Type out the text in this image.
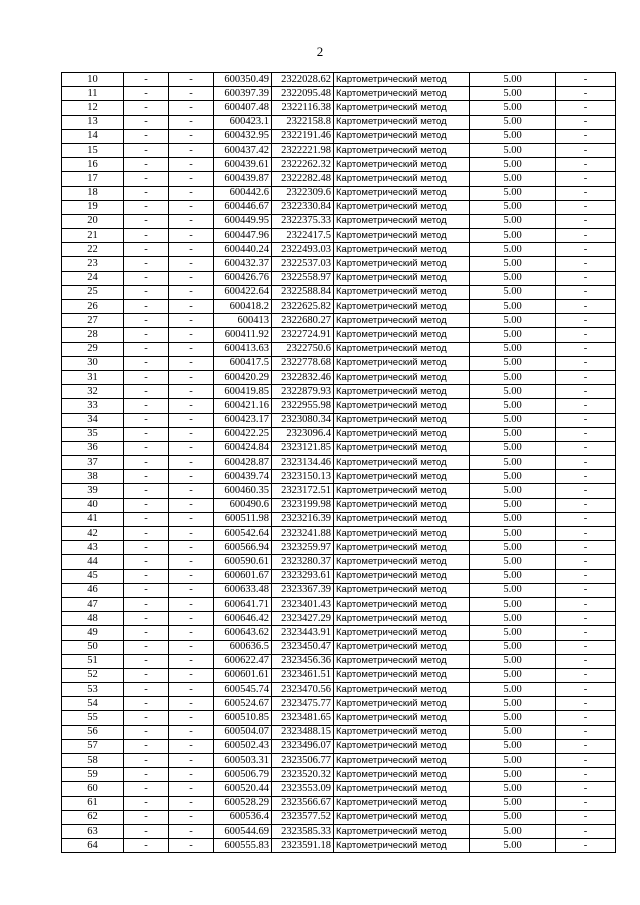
2
10	-	-	600350.49	2322028.62	Картометрический метод	5.00	-
11	-	-	600397.39	2322095.48	Картометрический метод	5.00	-
12	-	-	600407.48	2322116.38	Картометрический метод	5.00	-
13	-	-	600423.1	2322158.8	Картометрический метод	5.00	-
14	-	-	600432.95	2322191.46	Картометрический метод	5.00	-
15	-	-	600437.42	2322221.98	Картометрический метод	5.00	-
16	-	-	600439.61	2322262.32	Картометрический метод	5.00	-
17	-	-	600439.87	2322282.48	Картометрический метод	5.00	-
18	-	-	600442.6	2322309.6	Картометрический метод	5.00	-
19	-	-	600446.67	2322330.84	Картометрический метод	5.00	-
20	-	-	600449.95	2322375.33	Картометрический метод	5.00	-
21	-	-	600447.96	2322417.5	Картометрический метод	5.00	-
22	-	-	600440.24	2322493.03	Картометрический метод	5.00	-
23	-	-	600432.37	2322537.03	Картометрический метод	5.00	-
24	-	-	600426.76	2322558.97	Картометрический метод	5.00	-
25	-	-	600422.64	2322588.84	Картометрический метод	5.00	-
26	-	-	600418.2	2322625.82	Картометрический метод	5.00	-
27	-	-	600413	2322680.27	Картометрический метод	5.00	-
28	-	-	600411.92	2322724.91	Картометрический метод	5.00	-
29	-	-	600413.63	2322750.6	Картометрический метод	5.00	-
30	-	-	600417.5	2322778.68	Картометрический метод	5.00	-
31	-	-	600420.29	2322832.46	Картометрический метод	5.00	-
32	-	-	600419.85	2322879.93	Картометрический метод	5.00	-
33	-	-	600421.16	2322955.98	Картометрический метод	5.00	-
34	-	-	600423.17	2323080.34	Картометрический метод	5.00	-
35	-	-	600422.25	2323096.4	Картометрический метод	5.00	-
36	-	-	600424.84	2323121.85	Картометрический метод	5.00	-
37	-	-	600428.87	2323134.46	Картометрический метод	5.00	-
38	-	-	600439.74	2323150.13	Картометрический метод	5.00	-
39	-	-	600460.35	2323172.51	Картометрический метод	5.00	-
40	-	-	600490.6	2323199.98	Картометрический метод	5.00	-
41	-	-	600511.98	2323216.39	Картометрический метод	5.00	-
42	-	-	600542.64	2323241.88	Картометрический метод	5.00	-
43	-	-	600566.94	2323259.97	Картометрический метод	5.00	-
44	-	-	600590.61	2323280.37	Картометрический метод	5.00	-
45	-	-	600601.67	2323293.61	Картометрический метод	5.00	-
46	-	-	600633.48	2323367.39	Картометрический метод	5.00	-
47	-	-	600641.71	2323401.43	Картометрический метод	5.00	-
48	-	-	600646.42	2323427.29	Картометрический метод	5.00	-
49	-	-	600643.62	2323443.91	Картометрический метод	5.00	-
50	-	-	600636.5	2323450.47	Картометрический метод	5.00	-
51	-	-	600622.47	2323456.36	Картометрический метод	5.00	-
52	-	-	600601.61	2323461.51	Картометрический метод	5.00	-
53	-	-	600545.74	2323470.56	Картометрический метод	5.00	-
54	-	-	600524.67	2323475.77	Картометрический метод	5.00	-
55	-	-	600510.85	2323481.65	Картометрический метод	5.00	-
56	-	-	600504.07	2323488.15	Картометрический метод	5.00	-
57	-	-	600502.43	2323496.07	Картометрический метод	5.00	-
58	-	-	600503.31	2323506.77	Картометрический метод	5.00	-
59	-	-	600506.79	2323520.32	Картометрический метод	5.00	-
60	-	-	600520.44	2323553.09	Картометрический метод	5.00	-
61	-	-	600528.29	2323566.67	Картометрический метод	5.00	-
62	-	-	600536.4	2323577.52	Картометрический метод	5.00	-
63	-	-	600544.69	2323585.33	Картометрический метод	5.00	-
64	-	-	600555.83	2323591.18	Картометрический метод	5.00	-
